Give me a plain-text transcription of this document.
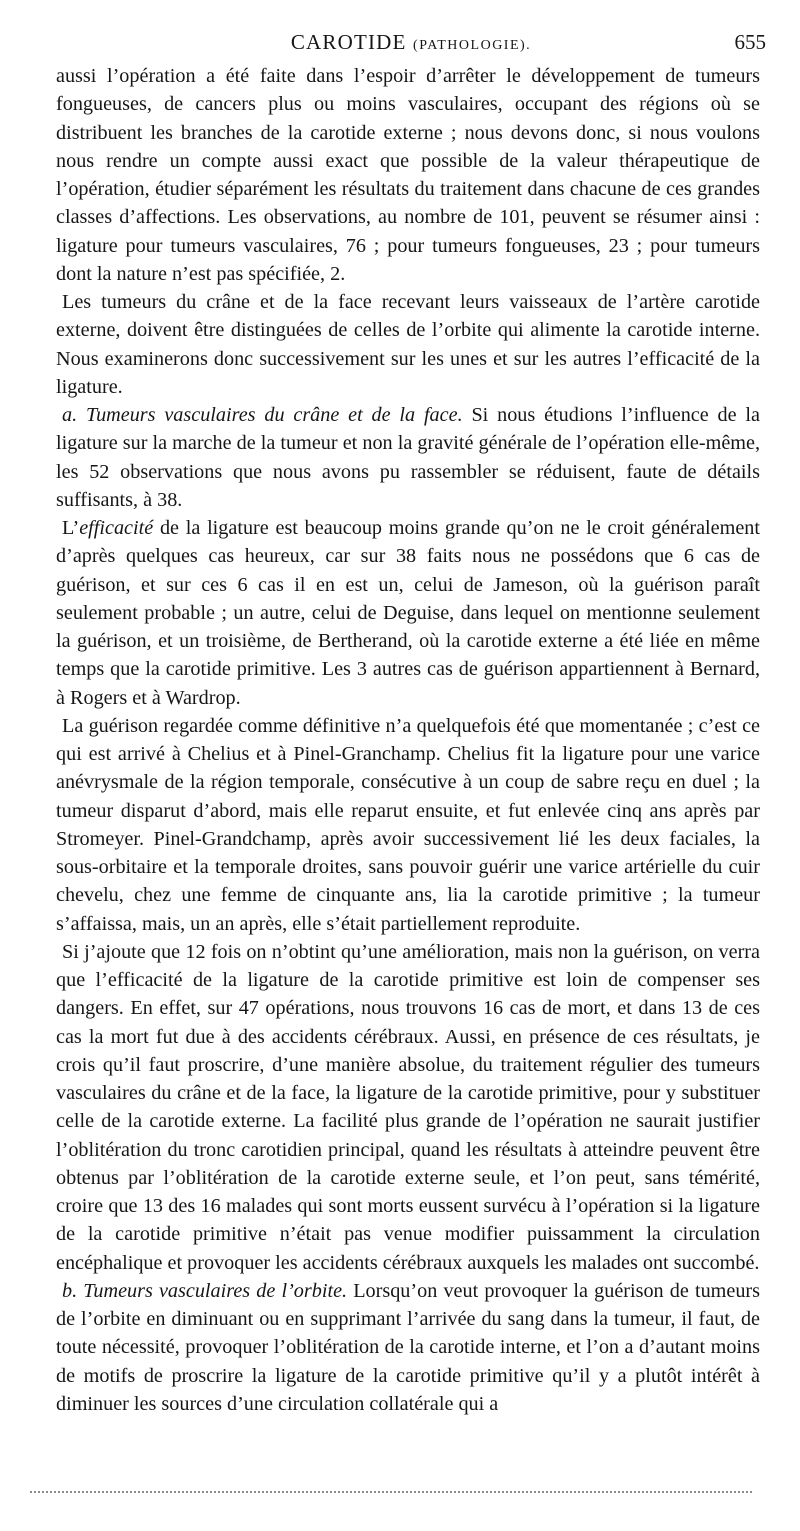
CAROTIDE (PATHOLOGIE).	655

aussi l’opération a été faite dans l’espoir d’arrêter le développement de tumeurs fongueuses, de cancers plus ou moins vasculaires, occupant des régions où se distribuent les branches de la carotide externe ; nous devons donc, si nous voulons nous rendre un compte aussi exact que possible de la valeur thérapeutique de l’opération, étudier séparément les résultats du traitement dans chacune de ces grandes classes d’affections. Les observations, au nombre de 101, peuvent se résumer ainsi : ligature pour tumeurs vasculaires, 76 ; pour tumeurs fongueuses, 23 ; pour tumeurs dont la nature n’est pas spécifiée, 2.

Les tumeurs du crâne et de la face recevant leurs vaisseaux de l’artère carotide externe, doivent être distinguées de celles de l’orbite qui alimente la carotide interne. Nous examinerons donc successivement sur les unes et sur les autres l’efficacité de la ligature.

a. Tumeurs vasculaires du crâne et de la face. Si nous étudions l’influence de la ligature sur la marche de la tumeur et non la gravité générale de l’opération elle-même, les 52 observations que nous avons pu rassembler se réduisent, faute de détails suffisants, à 38.

L’efficacité de la ligature est beaucoup moins grande qu’on ne le croit généralement d’après quelques cas heureux, car sur 38 faits nous ne possédons que 6 cas de guérison, et sur ces 6 cas il en est un, celui de Jameson, où la guérison paraît seulement probable ; un autre, celui de Deguise, dans lequel on mentionne seulement la guérison, et un troisième, de Bertherand, où la carotide externe a été liée en même temps que la carotide primitive. Les 3 autres cas de guérison appartiennent à Bernard, à Rogers et à Wardrop.

La guérison regardée comme définitive n’a quelquefois été que momentanée ; c’est ce qui est arrivé à Chelius et à Pinel-Granchamp. Chelius fit la ligature pour une varice anévrysmale de la région temporale, consécutive à un coup de sabre reçu en duel ; la tumeur disparut d’abord, mais elle reparut ensuite, et fut enlevée cinq ans après par Stromeyer. Pinel-Grandchamp, après avoir successivement lié les deux faciales, la sous-orbitaire et la temporale droites, sans pouvoir guérir une varice artérielle du cuir chevelu, chez une femme de cinquante ans, lia la carotide primitive ; la tumeur s’affaissa, mais, un an après, elle s’était partiellement reproduite.

Si j’ajoute que 12 fois on n’obtint qu’une amélioration, mais non la guérison, on verra que l’efficacité de la ligature de la carotide primitive est loin de compenser ses dangers. En effet, sur 47 opérations, nous trouvons 16 cas de mort, et dans 13 de ces cas la mort fut due à des accidents cérébraux. Aussi, en présence de ces résultats, je crois qu’il faut proscrire, d’une manière absolue, du traitement régulier des tumeurs vasculaires du crâne et de la face, la ligature de la carotide primitive, pour y substituer celle de la carotide externe. La facilité plus grande de l’opération ne saurait justifier l’oblitération du tronc carotidien principal, quand les résultats à atteindre peuvent être obtenus par l’oblitération de la carotide externe seule, et l’on peut, sans témérité, croire que 13 des 16 malades qui sont morts eussent survécu à l’opération si la ligature de la carotide primitive n’était pas venue modifier puissamment la circulation encéphalique et provoquer les accidents cérébraux auxquels les malades ont succombé.

b. Tumeurs vasculaires de l’orbite. Lorsqu’on veut provoquer la guérison de tumeurs de l’orbite en diminuant ou en supprimant l’arrivée du sang dans la tumeur, il faut, de toute nécessité, provoquer l’oblitération de la carotide interne, et l’on a d’autant moins de motifs de proscrire la ligature de la carotide primitive qu’il y a plutôt intérêt à diminuer les sources d’une circulation collatérale qui a
